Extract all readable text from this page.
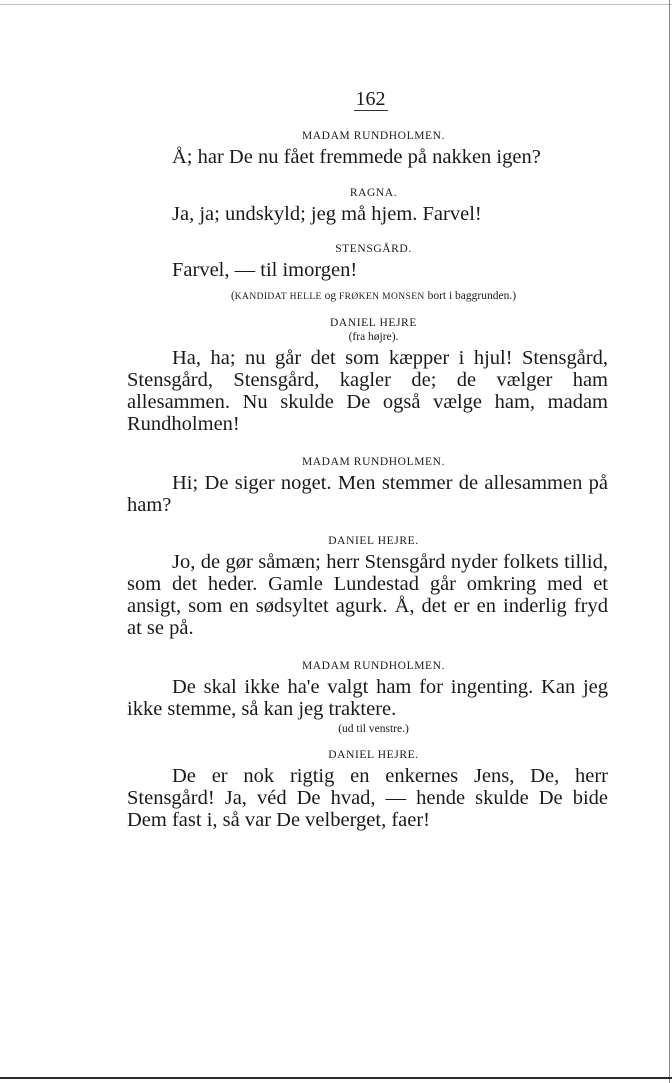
162
MADAM RUNDHOLMEN.
Å; har De nu fået fremmede på nakken igen?
RAGNA.
Ja, ja; undskyld; jeg må hjem. Farvel!
STENSGÅRD.
Farvel, — til imorgen!
(KANDIDAT HELLE og FRØKEN MONSEN bort i baggrunden.)
DANIEL HEJRE
(fra højre).
Ha, ha; nu går det som kæpper i hjul! Stensgård, Stensgård, Stensgård, kagler de; de vælger ham allesammen. Nu skulde De også vælge ham, madam Rundholmen!
MADAM RUNDHOLMEN.
Hi; De siger noget. Men stemmer de allesammen på ham?
DANIEL HEJRE.
Jo, de gør såmæn; herr Stensgård nyder folkets tillid, som det heder. Gamle Lundestad går omkring med et ansigt, som en sødsyltet agurk. Å, det er en inderlig fryd at se på.
MADAM RUNDHOLMEN.
De skal ikke ha'e valgt ham for ingenting. Kan jeg ikke stemme, så kan jeg traktere.
(ud til venstre.)
DANIEL HEJRE.
De er nok rigtig en enkernes Jens, De, herr Stensgård! Ja, véd De hvad, — hende skulde De bide Dem fast i, så var De velberget, faer!
